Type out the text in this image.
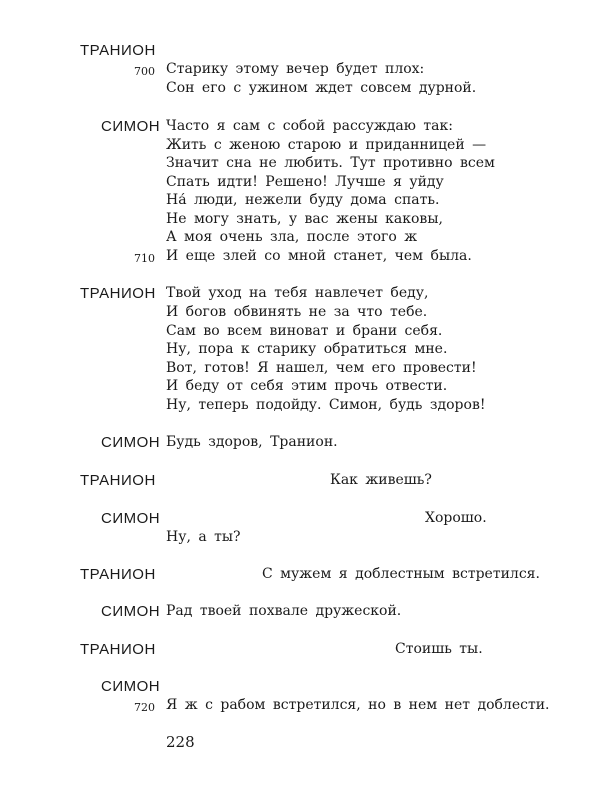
ТРАНИОН
700 Старику этому вечер будет плох:
Сон его с ужином ждет совсем дурной.
СИМОН Часто я сам с собой рассуждаю так:
Жить с женою старою и приданницей —
Значит сна не любить. Тут противно всем
Спать идти! Решено! Лучше я уйду
На́ люди, нежели буду дома спать.
Не могу знать, у вас жены каковы,
А моя очень зла, после этого ж
710 И еще злей со мной станет, чем была.
ТРАНИОН Твой уход на тебя навлечет беду,
И богов обвинять не за что тебе.
Сам во всем виноват и брани себя.
Ну, пора к старику обратиться мне.
Вот, готов! Я нашел, чем его провести!
И беду от себя этим прочь отвести.
Ну, теперь подойду. Симон, будь здоров!
СИМОН Будь здоров, Транион.
ТРАНИОН	Как живешь?
СИМОН	Хорошо.
Ну, а ты?
ТРАНИОН	С мужем я доблестным встретился.
СИМОН Рад твоей похвале дружеской.
ТРАНИОН	Стоишь ты.
СИМОН
720 Я ж с рабом встретился, но в нем нет доблести.
228
